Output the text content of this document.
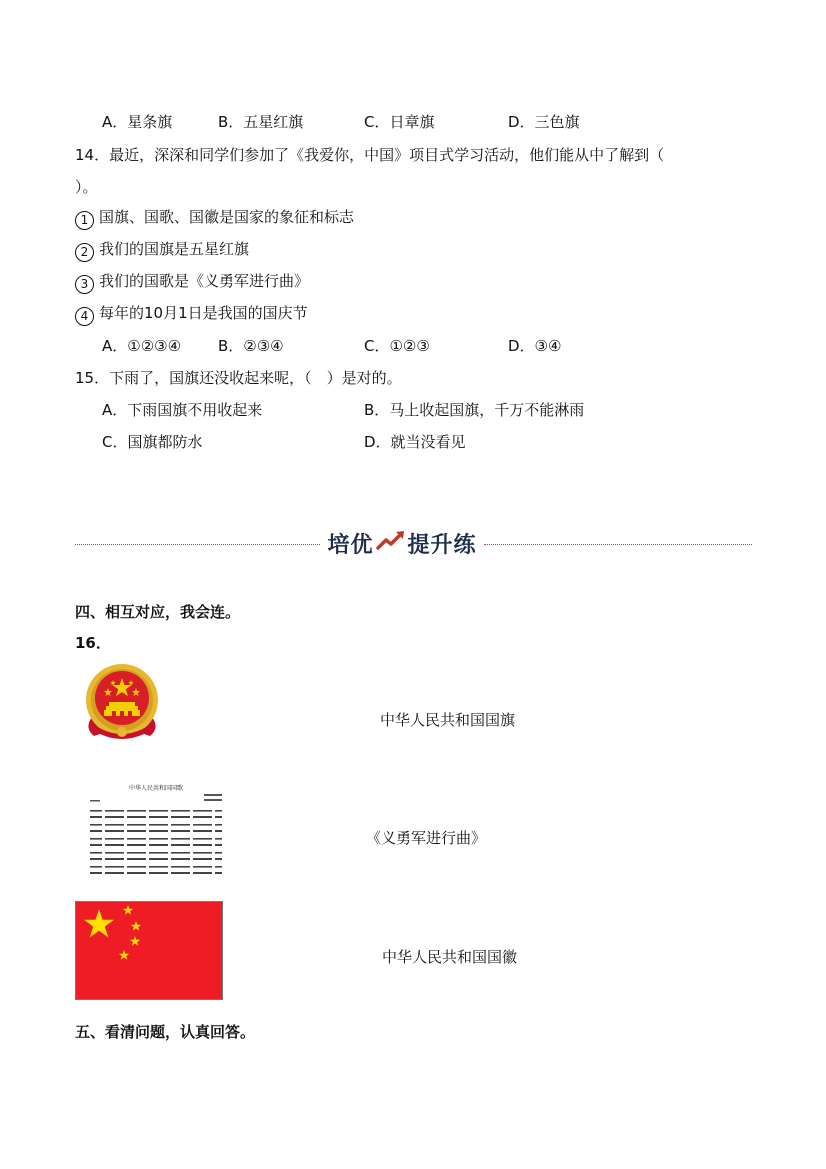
A．星条旗	B．五星红旗	C．日章旗	D．三色旗
14．最近，深深和同学们参加了《我爱你，中国》项目式学习活动，他们能从中了解到（
）。
1 国旗、国歌、国徽是国家的象征和标志
2 我们的国旗是五星红旗
3 我们的国歌是《义勇军进行曲》
4 每年的10月1日是我国的国庆节
A．①②③④ B．②③④	C．①②③	D．③④
15．下雨了，国旗还没收起来呢，（　）是对的。
A．下雨国旗不用收起来	B．马上收起国旗，千万不能淋雨
C．国旗都防水	D．就当没看见
培优 提升练
四、相互对应，我会连。
16．
中华人民共和国国旗
中华人民共和国国歌
《义勇军进行曲》
中华人民共和国国徽
五、看清问题，认真回答。
